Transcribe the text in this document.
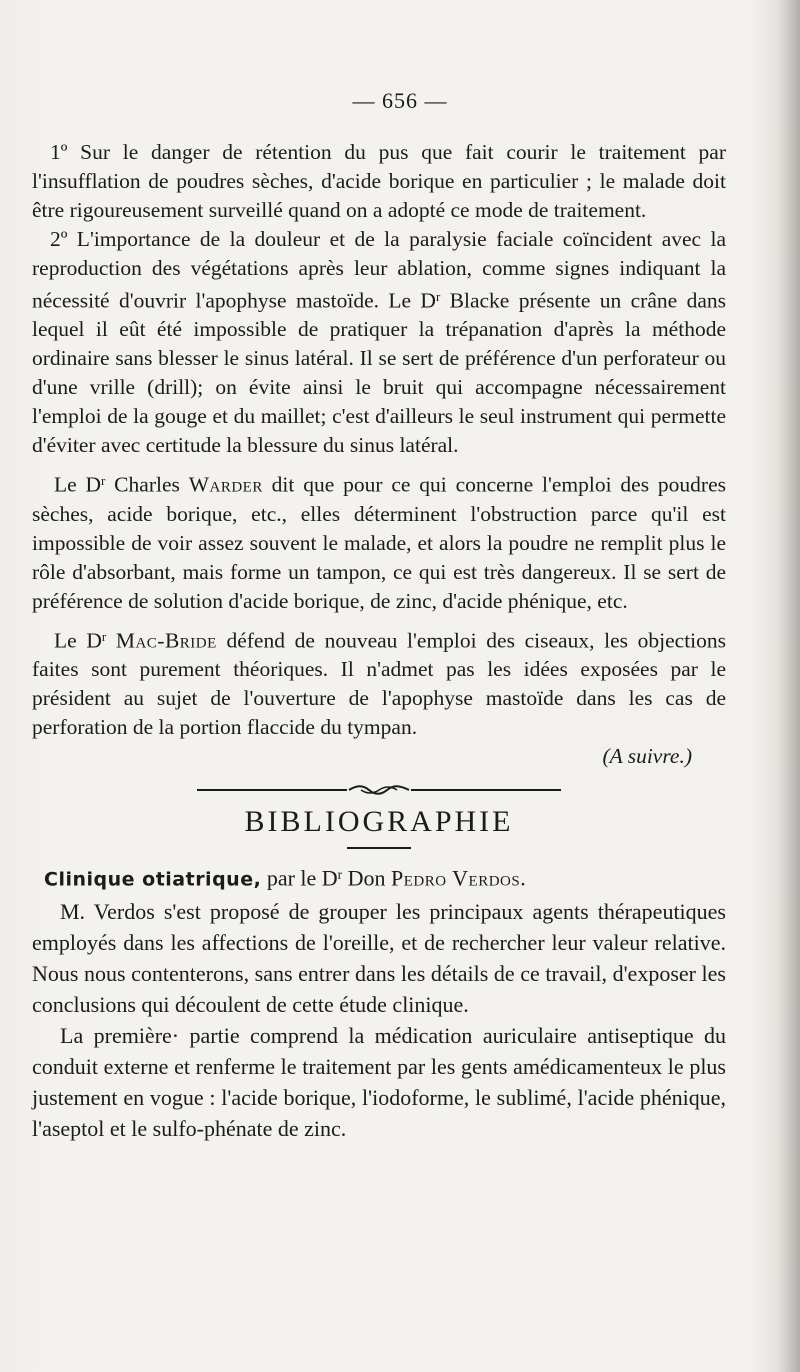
— 656 —

1º Sur le danger de rétention du pus que fait courir le traitement par l'insufflation de poudres sèches, d'acide borique en particulier ; le malade doit être rigoureusement surveillé quand on a adopté ce mode de traitement.

2º L'importance de la douleur et de la paralysie faciale coïncident avec la reproduction des végétations après leur ablation, comme signes indiquant la nécessité d'ouvrir l'apophyse mastoïde. Le $D^r$ Blacke présente un crâne dans lequel il eût été impossible de pratiquer la trépanation d'après la méthode ordinaire sans blesser le sinus latéral. Il se sert de préférence d'un perforateur ou d'une vrille (drill); on évite ainsi le bruit qui accompagne nécessairement l'emploi de la gouge et du maillet; c'est d'ailleurs le seul instrument qui permette d'éviter avec certitude la blessure du sinus latéral.

Le $D^r$ Charles Warder dit que pour ce qui concerne l'emploi des poudres sèches, acide borique, etc., elles déterminent l'obstruction parce qu'il est impossible de voir assez souvent le malade, et alors la poudre ne remplit plus le rôle d'absorbant, mais forme un tampon, ce qui est très dangereux. Il se sert de préférence de solution d'acide borique, de zinc, d'acide phénique, etc.

Le $D^r$ Mac-Bride défend de nouveau l'emploi des ciseaux, les objections faites sont purement théoriques. Il n'admet pas les idées exposées par le président au sujet de l'ouverture de l'apophyse mastoïde dans les cas de perforation de la portion flaccide du tympan.

(A suivre.)

BIBLIOGRAPHIE

Clinique otiatrique, par le $D^r$ Don Pedro Verdos.

M. Verdos s'est proposé de grouper les principaux agents thérapeutiques employés dans les affections de l'oreille, et de rechercher leur valeur relative. Nous nous contenterons, sans entrer dans les détails de ce travail, d'exposer les conclusions qui découlent de cette étude clinique.

La première· partie comprend la médication auriculaire antiseptique du conduit externe et renferme le traitement par les gents amédicamenteux le plus justement en vogue : l'acide borique, l'iodoforme, le sublimé, l'acide phénique, l'aseptol et le sulfo-phénate de zinc.
